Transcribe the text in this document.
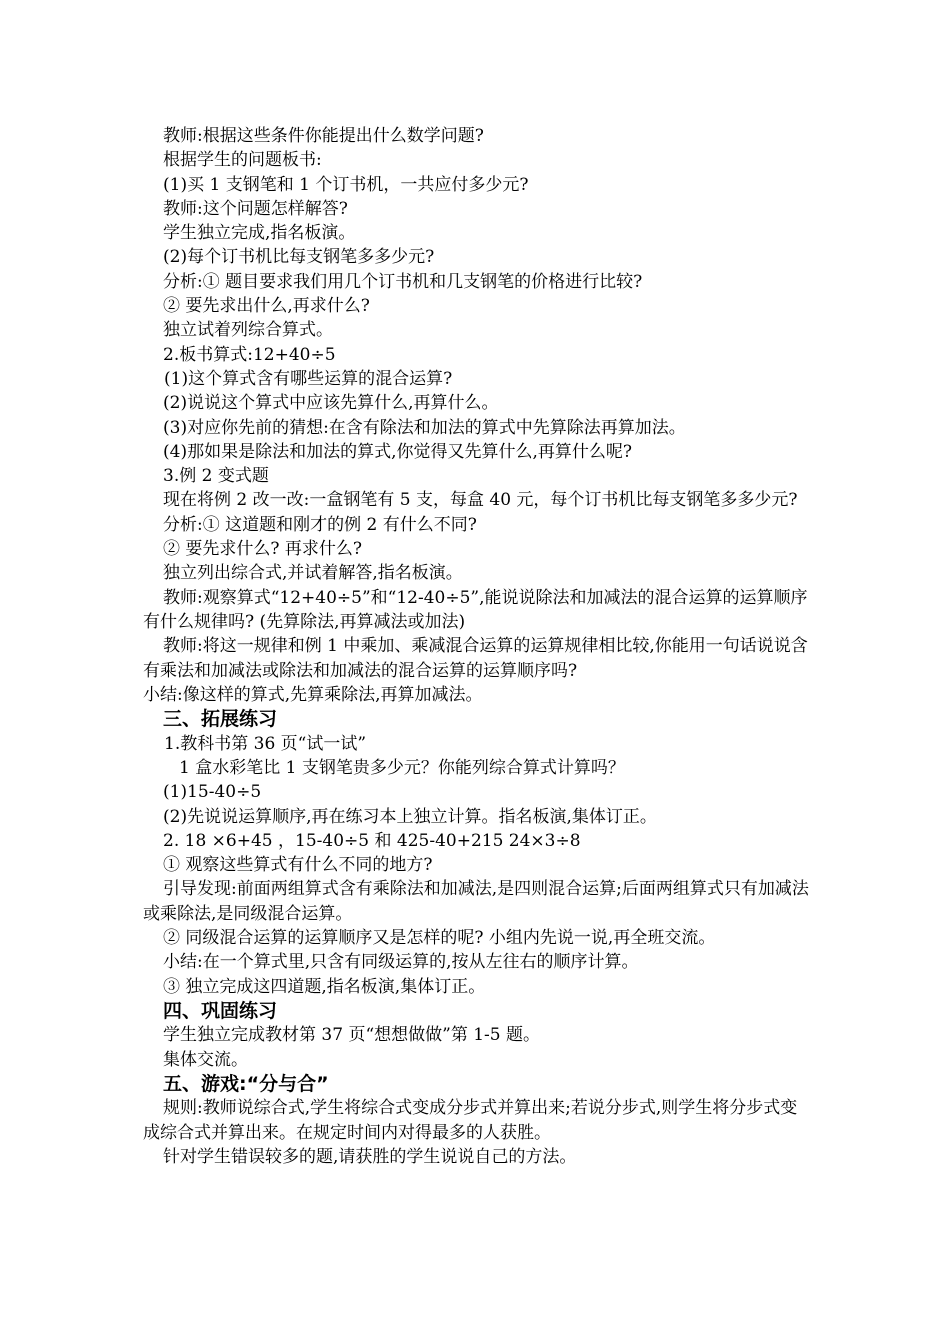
教师:根据这些条件你能提出什么数学问题?

根据学生的问题板书:

(1)买 1 支钢笔和 1 个订书机，一共应付多少元?

教师:这个问题怎样解答?

学生独立完成,指名板演。

(2)每个订书机比每支钢笔多多少元?

分析:① 题目要求我们用几个订书机和几支钢笔的价格进行比较?

② 要先求出什么,再求什么?

独立试着列综合算式。

2.板书算式:12+40÷5

(1)这个算式含有哪些运算的混合运算?

(2)说说这个算式中应该先算什么,再算什么。

(3)对应你先前的猜想:在含有除法和加法的算式中先算除法再算加法。

(4)那如果是除法和加法的算式,你觉得又先算什么,再算什么呢?

3.例 2 变式题

现在将例 2 改一改:一盒钢笔有 5 支，每盒 40 元，每个订书机比每支钢笔多多少元?

分析:① 这道题和刚才的例 2 有什么不同?

② 要先求什么? 再求什么?

独立列出综合式,并试着解答,指名板演。

教师:观察算式“12+40÷5”和“12-40÷5”,能说说除法和加减法的混合运算的运算顺序有什么规律吗? (先算除法,再算减法或加法)

教师:将这一规律和例 1 中乘加、乘减混合运算的运算规律相比较,你能用一句话说说含有乘法和加减法或除法和加减法的混合运算的运算顺序吗?

小结:像这样的算式,先算乘除法,再算加减法。

三、拓展练习

1.教科书第 36 页“试一试”

1 盒水彩笔比 1 支钢笔贵多少元？你能列综合算式计算吗？

(1)15-40÷5

(2)先说说运算顺序,再在练习本上独立计算。指名板演,集体订正。

2. 18 ×6+45 ，15-40÷5 和 425-40+215 24×3÷8

① 观察这些算式有什么不同的地方?

引导发现:前面两组算式含有乘除法和加减法,是四则混合运算;后面两组算式只有加减法或乘除法,是同级混合运算。

② 同级混合运算的运算顺序又是怎样的呢? 小组内先说一说,再全班交流。

小结:在一个算式里,只含有同级运算的,按从左往右的顺序计算。

③ 独立完成这四道题,指名板演,集体订正。

四、巩固练习

学生独立完成教材第 37 页“想想做做”第 1-5 题。

集体交流。

五、游戏:“分与合”

规则:教师说综合式,学生将综合式变成分步式并算出来;若说分步式,则学生将分步式变成综合式并算出来。在规定时间内对得最多的人获胜。

针对学生错误较多的题,请获胜的学生说说自己的方法。
